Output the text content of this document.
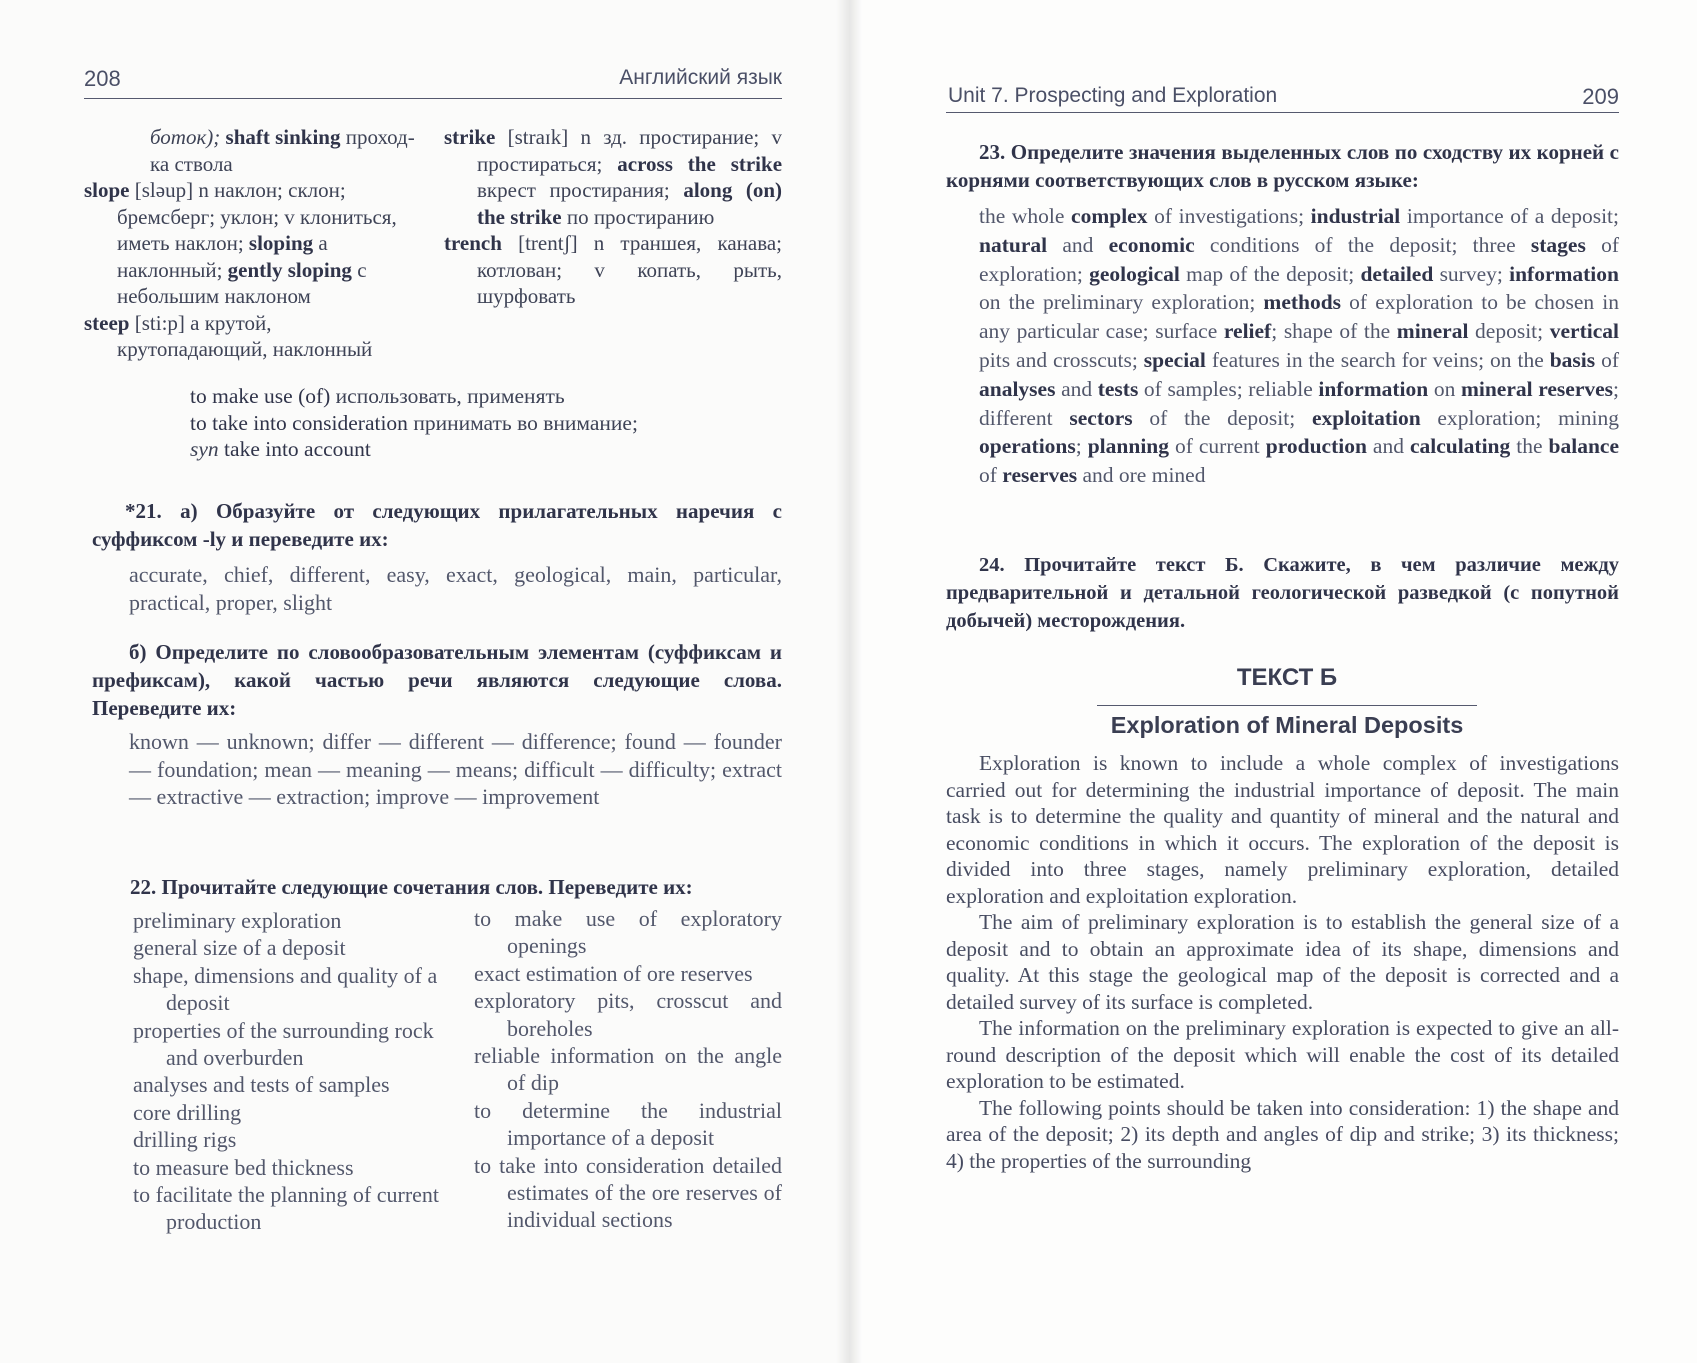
208	Английский язык

боток); shaft sinking проход-ка ствола

slope [slǝup] n наклон; склон; бремсберг; уклон; v клониться, иметь наклон; sloping a наклонный; gently sloping с небольшим наклоном

steep [sti:p] a крутой, крутопадающий, наклонный

strike [straɪk] n зд. простирание; v простираться; across the strike вкрест простирания; along (on) the strike по простиранию

trench [trentʃ] n траншея, канава; котлован; v копать, рыть, шурфовать

to make use (of) использовать, применять

to take into consideration принимать во внимание;

syn take into account

*21. а) Образуйте от следующих прилагательных наречия с суффиксом -ly и переведите их:

accurate, chief, different, easy, exact, geological, main, particular, practical, proper, slight

б) Определите по словообразовательным элементам (суффиксам и префиксам), какой частью речи являются следующие слова. Переведите их:

known — unknown; differ — different — difference; found — founder — foundation; mean — meaning — means; difficult — difficulty; extract — extractive — extraction; improve — improvement

22. Прочитайте следующие сочетания слов. Переведите их:

preliminary exploration

general size of a deposit

shape, dimensions and quality of a deposit

properties of the surrounding rock and overburden

analyses and tests of samples

core drilling

drilling rigs

to measure bed thickness

to facilitate the planning of current production

to make use of exploratory openings

exact estimation of ore reserves

exploratory pits, crosscut and boreholes

reliable information on the angle of dip

to determine the industrial importance of a deposit

to take into consideration detailed estimates of the ore reserves of individual sections

Unit 7. Prospecting and Exploration	209

23. Определите значения выделенных слов по сходству их корней с корнями соответствующих слов в русском языке:

the whole complex of investigations; industrial importance of a deposit; natural and economic conditions of the deposit; three stages of exploration; geological map of the deposit; detailed survey; information on the preliminary exploration; methods of exploration to be chosen in any particular case; surface relief; shape of the mineral deposit; vertical pits and crosscuts; special features in the search for veins; on the basis of analyses and tests of samples; reliable information on mineral reserves; different sectors of the deposit; exploitation exploration; mining operations; planning of current production and calculating the balance of reserves and ore mined

24. Прочитайте текст Б. Скажите, в чем различие между предварительной и детальной геологической разведкой (с попутной добычей) месторождения.

ТЕКСТ Б
Exploration of Mineral Deposits

Exploration is known to include a whole complex of investigations carried out for determining the industrial importance of deposit. The main task is to determine the quality and quantity of mineral and the natural and economic conditions in which it occurs. The exploration of the deposit is divided into three stages, namely preliminary exploration, detailed exploration and exploitation exploration.

The aim of preliminary exploration is to establish the general size of a deposit and to obtain an approximate idea of its shape, dimensions and quality. At this stage the geological map of the deposit is corrected and a detailed survey of its surface is completed.

The information on the preliminary exploration is expected to give an all-round description of the deposit which will enable the cost of its detailed exploration to be estimated.

The following points should be taken into consideration: 1) the shape and area of the deposit; 2) its depth and angles of dip and strike; 3) its thickness; 4) the properties of the surrounding
